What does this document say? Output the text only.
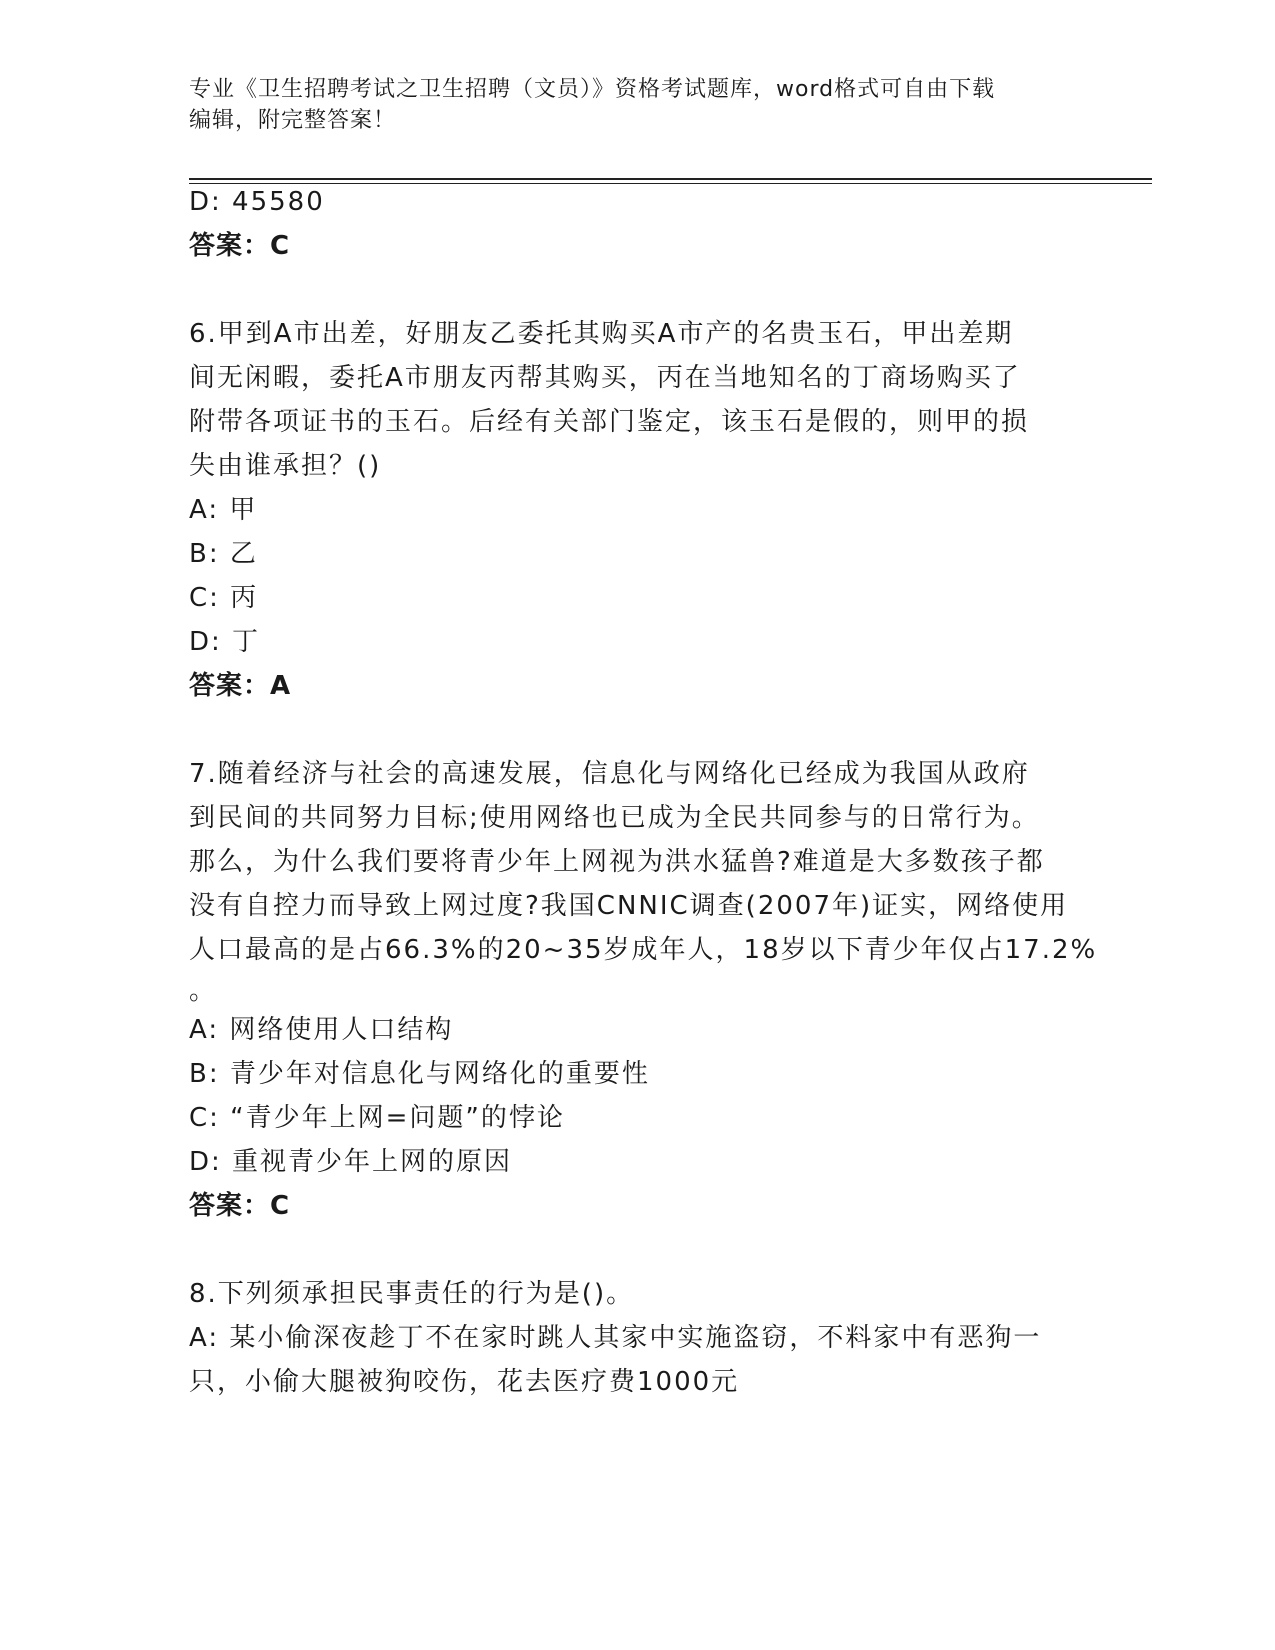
专业《卫生招聘考试之卫生招聘（文员）》资格考试题库，word格式可自由下载
编辑，附完整答案！
D: 45580
答案：C
6.甲到A市出差，好朋友乙委托其购买A市产的名贵玉石，甲出差期
间无闲暇，委托A市朋友丙帮其购买，丙在当地知名的丁商场购买了
附带各项证书的玉石。后经有关部门鉴定，该玉石是假的，则甲的损
失由谁承担？()
A: 甲
B: 乙
C: 丙
D: 丁
答案：A
7.随着经济与社会的高速发展，信息化与网络化已经成为我国从政府
到民间的共同努力目标;使用网络也已成为全民共同参与的日常行为。
那么，为什么我们要将青少年上网视为洪水猛兽?难道是大多数孩子都
没有自控力而导致上网过度?我国CNNIC调查(2007年)证实，网络使用
人口最高的是占66.3%的20~35岁成年人，18岁以下青少年仅占17.2%
。
A: 网络使用人口结构
B: 青少年对信息化与网络化的重要性
C: “青少年上网=问题”的悖论
D: 重视青少年上网的原因
答案：C
8.下列须承担民事责任的行为是()。
A: 某小偷深夜趁丁不在家时跳人其家中实施盗窃，不料家中有恶狗一
只，小偷大腿被狗咬伤，花去医疗费1000元
